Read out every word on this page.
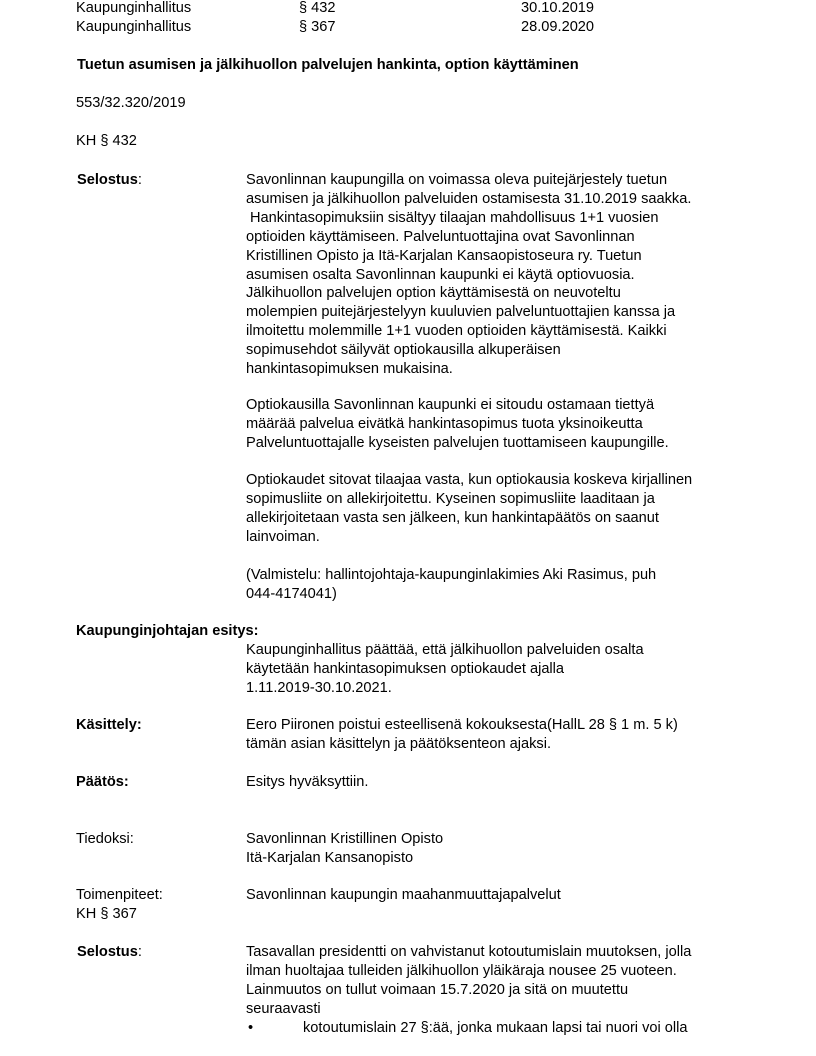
Kaupunginhallitus	§ 432	30.10.2019
Kaupunginhallitus	§ 367	28.09.2020
Tuetun asumisen ja jälkihuollon palvelujen hankinta, option käyttäminen
553/32.320/2019
KH § 432
Selostus:	Savonlinnan kaupungilla on voimassa oleva puitejärjestely tuetun
asumisen ja jälkihuollon palveluiden ostamisesta 31.10.2019 saakka.
Hankintasopimuksiin sisältyy tilaajan mahdollisuus 1+1 vuosien
optioiden käyttämiseen. Palveluntuottajina ovat Savonlinnan
Kristillinen Opisto ja Itä-Karjalan Kansaopistoseura ry. Tuetun
asumisen osalta Savonlinnan kaupunki ei käytä optiovuosia.
Jälkihuollon palvelujen option käyttämisestä on neuvoteltu
molempien puitejärjestelyyn kuuluvien palveluntuottajien kanssa ja
ilmoitettu molemmille 1+1 vuoden optioiden käyttämisestä. Kaikki
sopimusehdot säilyvät optiokausilla alkuperäisen
hankintasopimuksen mukaisina.
Optiokausilla Savonlinnan kaupunki ei sitoudu ostamaan tiettyä
määrää palvelua eivätkä hankintasopimus tuota yksinoikeutta
Palveluntuottajalle kyseisten palvelujen tuottamiseen kaupungille.
Optiokaudet sitovat tilaajaa vasta, kun optiokausia koskeva kirjallinen
sopimusliite on allekirjoitettu. Kyseinen sopimusliite laaditaan ja
allekirjoitetaan vasta sen jälkeen, kun hankintapäätös on saanut
lainvoiman.
(Valmistelu: hallintojohtaja-kaupunginlakimies Aki Rasimus, puh
044-4174041)
Kaupunginjohtajan esitys:
Kaupunginhallitus päättää, että jälkihuollon palveluiden osalta
käytetään hankintasopimuksen optiokaudet ajalla
1.11.2019-30.10.2021.
Käsittely:	Eero Piironen poistui esteellisenä kokouksesta(HallL 28 § 1 m. 5 k)
tämän asian käsittelyn ja päätöksenteon ajaksi.
Päätös:	Esitys hyväksyttiin.
Tiedoksi:	Savonlinnan Kristillinen Opisto
Itä-Karjalan Kansanopisto
Toimenpiteet:	Savonlinnan kaupungin maahanmuuttajapalvelut
KH § 367
Selostus:	Tasavallan presidentti on vahvistanut kotoutumislain muutoksen, jolla
ilman huoltajaa tulleiden jälkihuollon yläikäraja nousee 25 vuoteen.
Lainmuutos on tullut voimaan 15.7.2020 ja sitä on muutettu
seuraavasti
•	kotoutumislain 27 §:ää, jonka mukaan lapsi tai nuori voi olla
